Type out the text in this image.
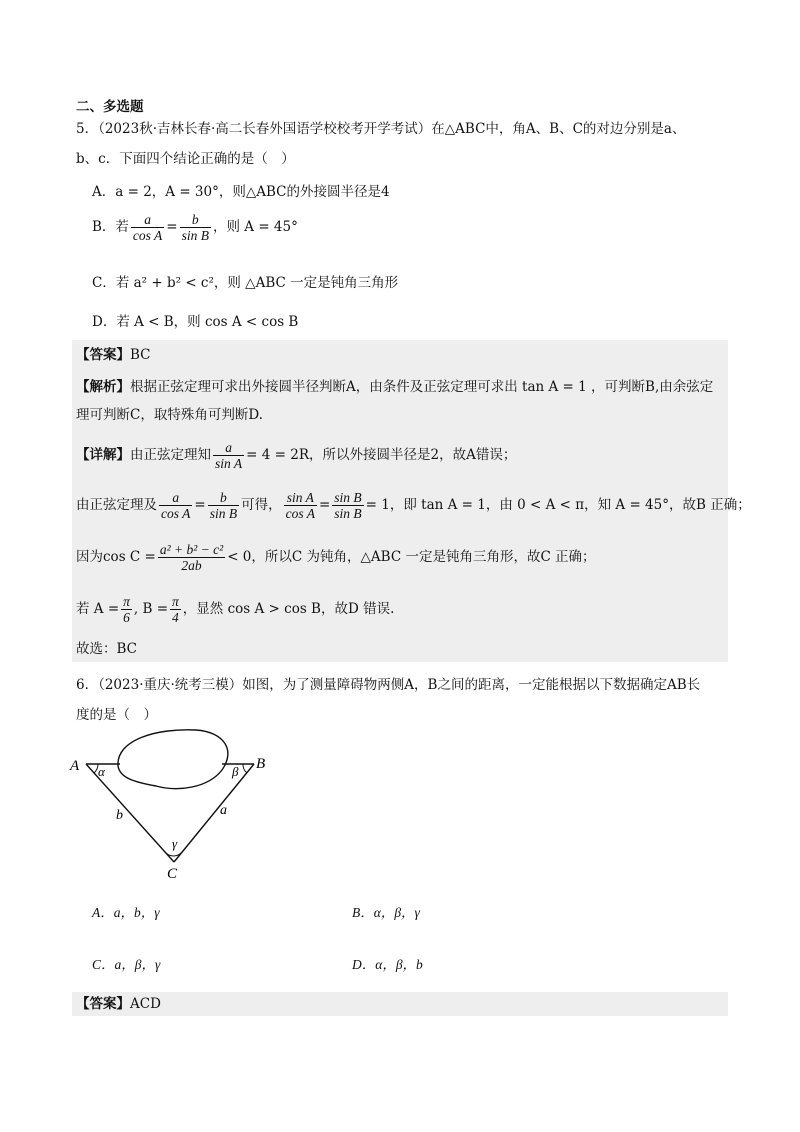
二、多选题
5．（2023秋·吉林长春·高二长春外国语学校校考开学考试）在△ABC中，角A、B、C的对边分别是a、
b、c．下面四个结论正确的是（　）
A．a = 2，A = 30°，则△ABC的外接圆半径是4
B．若 $\frac{a}{\text{cos A}} = \frac{b}{\text{sin B}}$ ，则 A = 45°
C．若 a² + b² < c²，则 △ABC 一定是钝角三角形
D．若 A < B，则 cos A < cos B
【答案】BC
【解析】根据正弦定理可求出外接圆半径判断A，由条件及正弦定理可求出 tan A = 1 ，可判断B,由余弦定
理可判断C，取特殊角可判断D.
【详解】由正弦定理知 $\frac{a}{\text{sin A}} = 4 = 2R$，所以外接圆半径是2，故A错误；
由正弦定理及 $\frac{a}{\text{cos A}} = \frac{b}{\text{sin B}}$ 可得， $\frac{\text{sin A}}{\text{cos A}} = \frac{\text{sin B}}{\text{sin B}} = 1$，即 tan A = 1，由 0 < A < π，知 A = 45°，故B 正确；
因为$\cos C = \frac{\text{a² + b² − c²}}{2ab} < 0$，所以C 为钝角，△ABC 一定是钝角三角形，故C 正确；
若 $A = \frac{\pi}{6}$ , $B = \frac{\pi}{4}$ ，显然 cos A > cos B，故D 错误.
故选：BC
6．（2023·重庆·统考三模）如图，为了测量障碍物两侧A，B之间的距离，一定能根据以下数据确定AB长
度的是（　）
A	B
C
α	β
γ
b	a
A．a，b，γ	B．α，β，γ
C．a，β，γ	D．α，β，b
【答案】ACD
